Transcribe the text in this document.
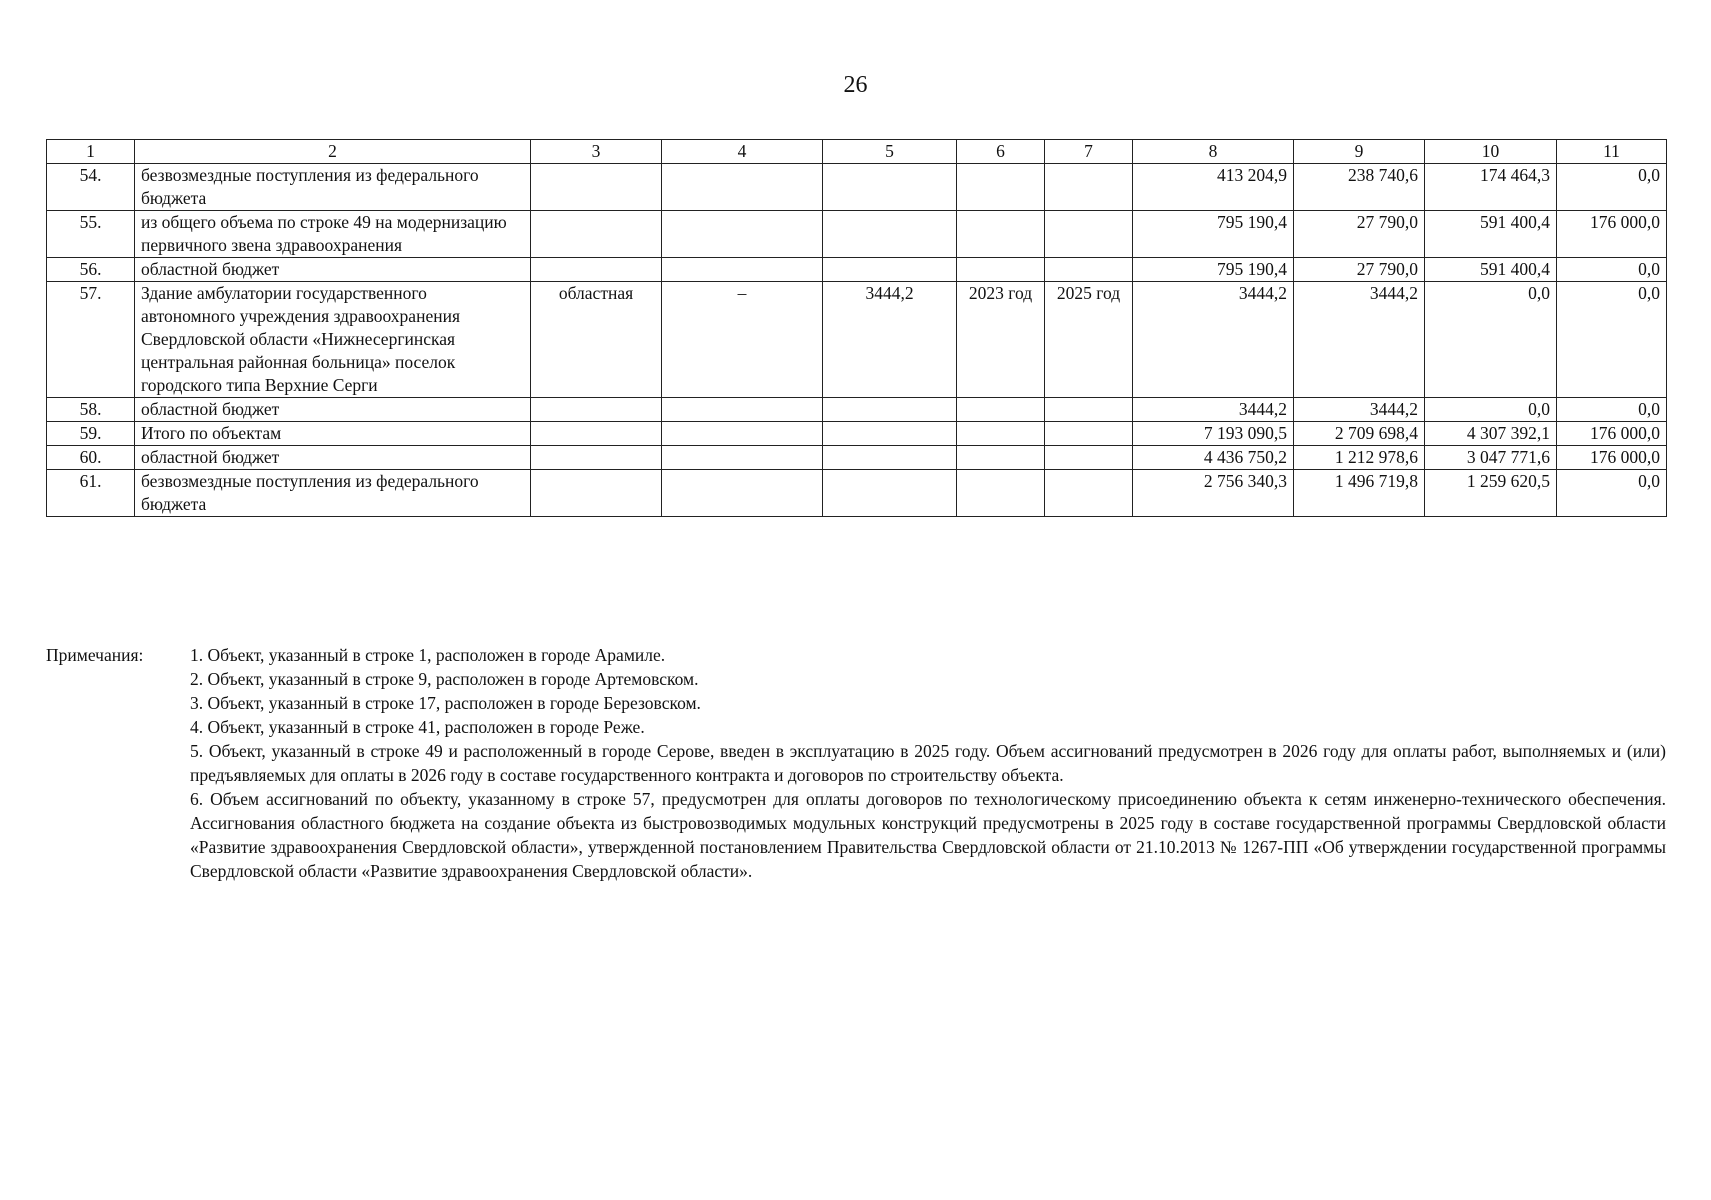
26
1	2	3	4	5	6	7	8	9	10	11
54.	безвозмездные поступления из федерального бюджета						413 204,9	238 740,6	174 464,3	0,0
55.	из общего объема по строке 49 на модернизацию первичного звена здравоохранения						795 190,4	27 790,0	591 400,4	176 000,0
56.	областной бюджет						795 190,4	27 790,0	591 400,4	0,0
57.	Здание амбулатории государственного автономного учреждения здравоохранения Свердловской области «Нижнесергинская центральная районная больница» поселок городского типа Верхние Серги	областная	–	3444,2	2023 год	2025 год	3444,2	3444,2	0,0	0,0
58.	областной бюджет						3444,2	3444,2	0,0	0,0
59.	Итого по объектам						7 193 090,5	2 709 698,4	4 307 392,1	176 000,0
60.	областной бюджет						4 436 750,2	1 212 978,6	3 047 771,6	176 000,0
61.	безвозмездные поступления из федерального бюджета						2 756 340,3	1 496 719,8	1 259 620,5	0,0
Примечания:	1. Объект, указанный в строке 1, расположен в городе Арамиле.

2. Объект, указанный в строке 9, расположен в городе Артемовском.

3. Объект, указанный в строке 17, расположен в городе Березовском.

4. Объект, указанный в строке 41, расположен в городе Реже.

5. Объект, указанный в строке 49 и расположенный в городе Серове, введен в эксплуатацию в 2025 году. Объем ассигнований предусмотрен в 2026 году для оплаты работ, выполняемых и (или) предъявляемых для оплаты в 2026 году в составе государственного контракта и договоров по строительству объекта.

6. Объем ассигнований по объекту, указанному в строке 57, предусмотрен для оплаты договоров по технологическому присоединению объекта к сетям инженерно-технического обеспечения. Ассигнования областного бюджета на создание объекта из быстровозводимых модульных конструкций предусмотрены в 2025 году в составе государственной программы Свердловской области «Развитие здравоохранения Свердловской области», утвержденной постановлением Правительства Свердловской области от 21.10.2013 № 1267-ПП «Об утверждении государственной программы Свердловской области «Развитие здравоохранения Свердловской области».
